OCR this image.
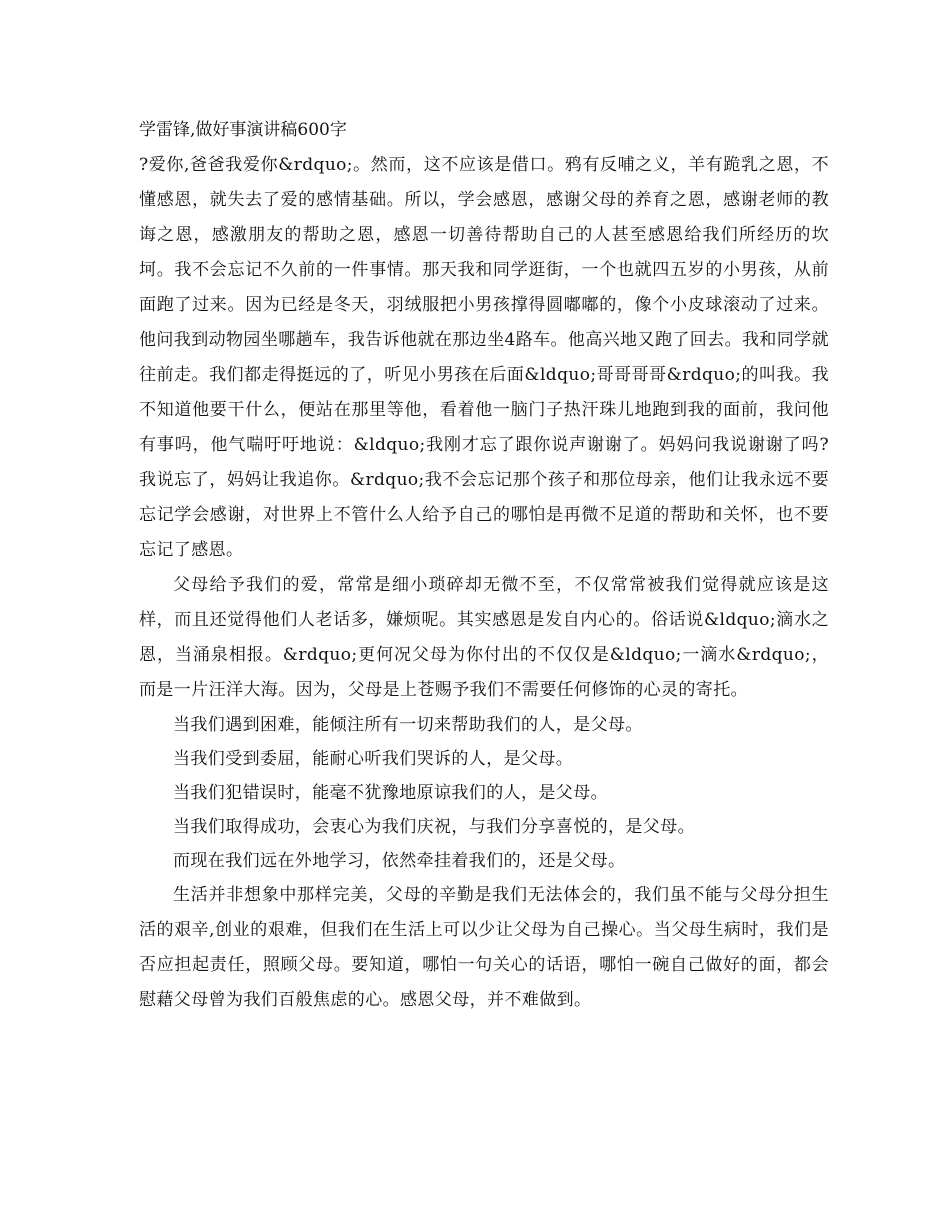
学雷锋,做好事演讲稿600字

?爱你,爸爸我爱你&rdquo;。然而，这不应该是借口。鸦有反哺之义，羊有跪乳之恩，不懂感恩，就失去了爱的感情基础。所以，学会感恩，感谢父母的养育之恩，感谢老师的教诲之恩，感激朋友的帮助之恩，感恩一切善待帮助自己的人甚至感恩给我们所经历的坎坷。我不会忘记不久前的一件事情。那天我和同学逛街，一个也就四五岁的小男孩，从前面跑了过来。因为已经是冬天，羽绒服把小男孩撑得圆嘟嘟的，像个小皮球滚动了过来。他问我到动物园坐哪趟车，我告诉他就在那边坐4路车。他高兴地又跑了回去。我和同学就往前走。我们都走得挺远的了，听见小男孩在后面&ldquo;哥哥哥哥&rdquo;的叫我。我不知道他要干什么，便站在那里等他，看着他一脑门子热汗珠儿地跑到我的面前，我问他有事吗，他气喘吁吁地说：&ldquo;我刚才忘了跟你说声谢谢了。妈妈问我说谢谢了吗?我说忘了，妈妈让我追你。&rdquo;我不会忘记那个孩子和那位母亲，他们让我永远不要忘记学会感谢，对世界上不管什么人给予自己的哪怕是再微不足道的帮助和关怀，也不要忘记了感恩。

父母给予我们的爱，常常是细小琐碎却无微不至，不仅常常被我们觉得就应该是这样，而且还觉得他们人老话多，嫌烦呢。其实感恩是发自内心的。俗话说&ldquo;滴水之恩，当涌泉相报。&rdquo;更何况父母为你付出的不仅仅是&ldquo;一滴水&rdquo;，而是一片汪洋大海。因为，父母是上苍赐予我们不需要任何修饰的心灵的寄托。

当我们遇到困难，能倾注所有一切来帮助我们的人，是父母。

当我们受到委屈，能耐心听我们哭诉的人，是父母。

当我们犯错误时，能毫不犹豫地原谅我们的人，是父母。

当我们取得成功，会衷心为我们庆祝，与我们分享喜悦的，是父母。

而现在我们远在外地学习，依然牵挂着我们的，还是父母。

生活并非想象中那样完美，父母的辛勤是我们无法体会的，我们虽不能与父母分担生活的艰辛,创业的艰难，但我们在生活上可以少让父母为自己操心。当父母生病时，我们是否应担起责任，照顾父母。要知道，哪怕一句关心的话语，哪怕一碗自己做好的面，都会慰藉父母曾为我们百般焦虑的心。感恩父母，并不难做到。
